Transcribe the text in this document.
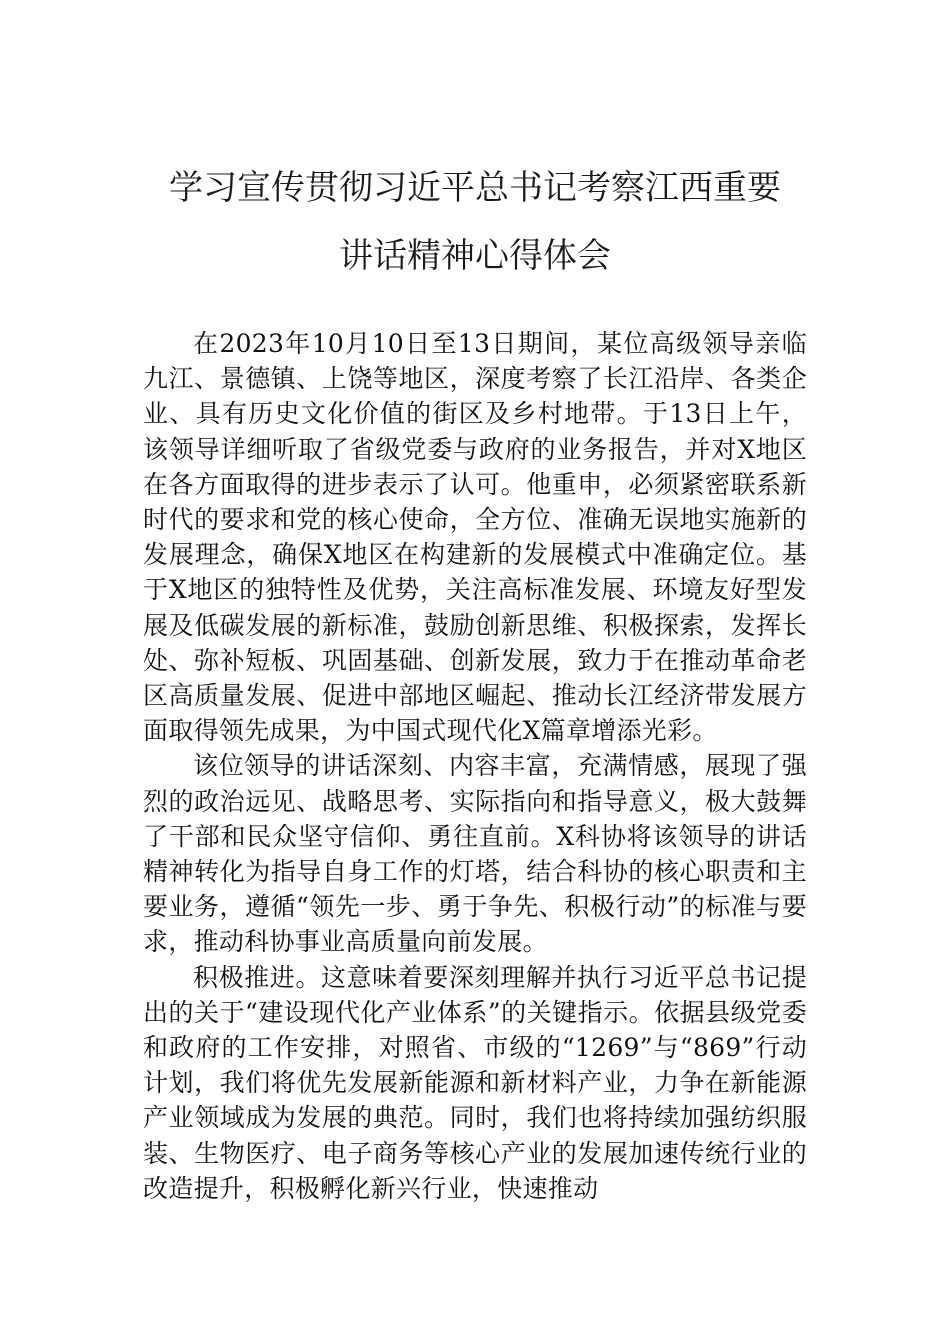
学习宣传贯彻习近平总书记考察江西重要
讲话精神心得体会

在2023年10月10日至13日期间，某位高级领导亲临九江、景德镇、上饶等地区，深度考察了长江沿岸、各类企业、具有历史文化价值的街区及乡村地带。于13日上午，该领导详细听取了省级党委与政府的业务报告，并对X地区在各方面取得的进步表示了认可。他重申，必须紧密联系新时代的要求和党的核心使命，全方位、准确无误地实施新的发展理念，确保X地区在构建新的发展模式中准确定位。基于X地区的独特性及优势，关注高标准发展、环境友好型发展及低碳发展的新标准，鼓励创新思维、积极探索，发挥长处、弥补短板、巩固基础、创新发展，致力于在推动革命老区高质量发展、促进中部地区崛起、推动长江经济带发展方面取得领先成果，为中国式现代化X篇章增添光彩。

该位领导的讲话深刻、内容丰富，充满情感，展现了强烈的政治远见、战略思考、实际指向和指导意义，极大鼓舞了干部和民众坚守信仰、勇往直前。X科协将该领导的讲话精神转化为指导自身工作的灯塔，结合科协的核心职责和主要业务，遵循“领先一步、勇于争先、积极行动”的标准与要求，推动科协事业高质量向前发展。

积极推进。这意味着要深刻理解并执行习近平总书记提出的关于“建设现代化产业体系”的关键指示。依据县级党委和政府的工作安排，对照省、市级的“1269”与“869”行动计划，我们将优先发展新能源和新材料产业，力争在新能源产业领域成为发展的典范。同时，我们也将持续加强纺织服装、生物医疗、电子商务等核心产业的发展加速传统行业的改造提升，积极孵化新兴行业，快速推动
